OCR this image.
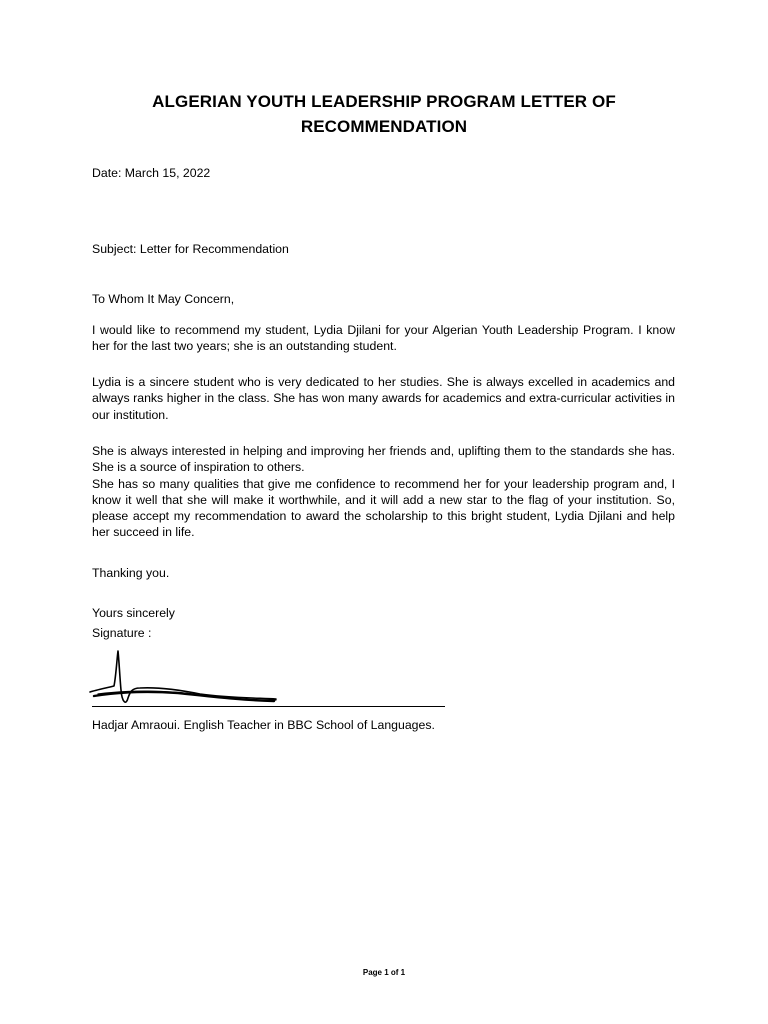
ALGERIAN YOUTH LEADERSHIP PROGRAM LETTER OF RECOMMENDATION
Date: March 15, 2022
Subject: Letter for Recommendation
To Whom It May Concern,
I would like to recommend my student, Lydia Djilani for your Algerian Youth Leadership Program. I know her for the last two years; she is an outstanding student.
Lydia is a sincere student who is very dedicated to her studies. She is always excelled in academics and always ranks higher in the class. She has won many awards for academics and extra-curricular activities in our institution.
She is always interested in helping and improving her friends and, uplifting them to the standards she has. She is a source of inspiration to others.
She has so many qualities that give me confidence to recommend her for your leadership program and, I know it well that she will make it worthwhile, and it will add a new star to the flag of your institution. So, please accept my recommendation to award the scholarship to this bright student, Lydia Djilani and help her succeed in life.
Thanking you.
Yours sincerely
Signature :
Hadjar Amraoui. English Teacher in BBC School of Languages.
Page 1 of 1
